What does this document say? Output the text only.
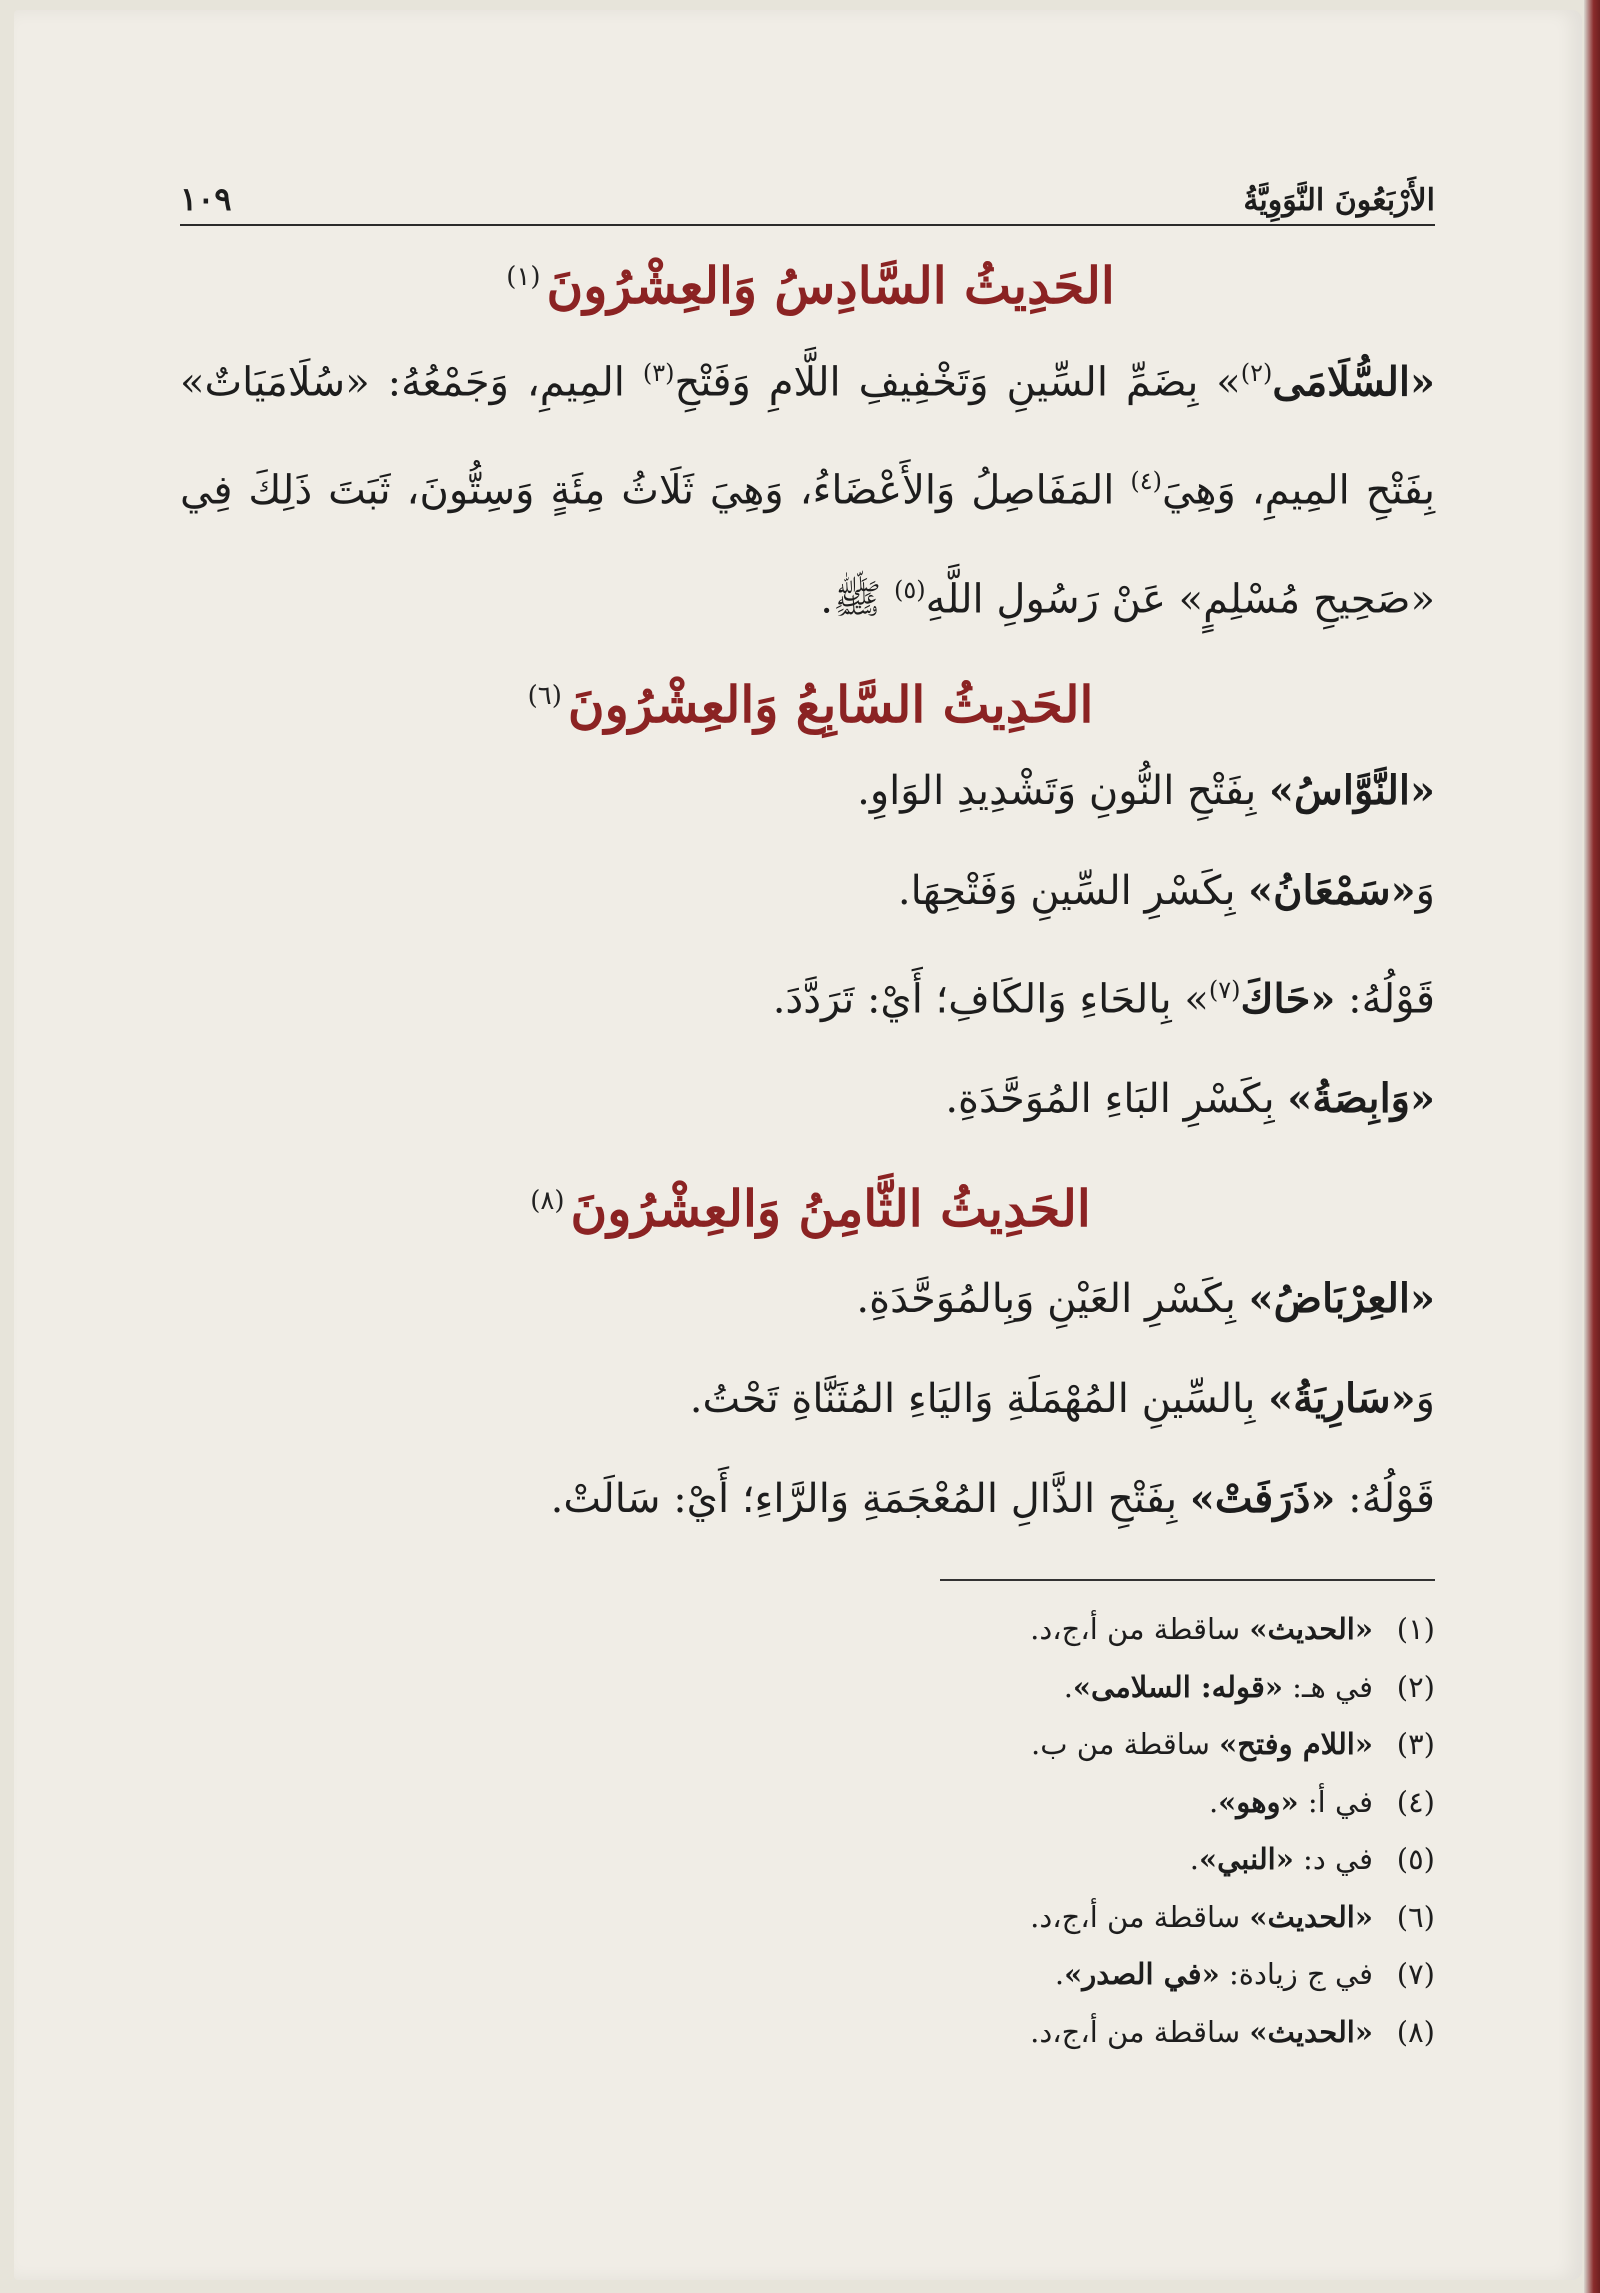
الأَرْبَعُونَ النَّوَوِيَّةُ
١٠٩
الحَدِيثُ السَّادِسُ وَالعِشْرُونَ$^{(١)}$

«السُّلَامَى$^{(٢)}$» بِضَمِّ السِّينِ وَتَخْفِيفِ اللَّامِ وَفَتْحِ$^{(٣)}$ المِيمِ، وَجَمْعُهُ: «سُلَامَيَاتٌ» بِفَتْحِ المِيمِ، وَهِيَ$^{(٤)}$ المَفَاصِلُ وَالأَعْضَاءُ، وَهِيَ ثَلَاثُ مِئَةٍ وَسِتُّونَ، ثَبَتَ ذَلِكَ فِي «صَحِيحِ مُسْلِمٍ» عَنْ رَسُولِ اللَّهِ$^{(٥)}$ ﷺ.

الحَدِيثُ السَّابِعُ وَالعِشْرُونَ$^{(٦)}$

«النَّوَّاسُ» بِفَتْحِ النُّونِ وَتَشْدِيدِ الوَاوِ.

وَ«سَمْعَانُ» بِكَسْرِ السِّينِ وَفَتْحِهَا.

قَوْلُهُ: «حَاكَ$^{(٧)}$» بِالحَاءِ وَالكَافِ؛ أَيْ: تَرَدَّدَ.

«وَابِصَةُ» بِكَسْرِ البَاءِ المُوَحَّدَةِ.

الحَدِيثُ الثَّامِنُ وَالعِشْرُونَ$^{(٨)}$

«العِرْبَاضُ» بِكَسْرِ العَيْنِ وَبِالمُوَحَّدَةِ.

وَ«سَارِيَةُ» بِالسِّينِ المُهْمَلَةِ وَاليَاءِ المُثَنَّاةِ تَحْتُ.

قَوْلُهُ: «ذَرَفَتْ» بِفَتْحِ الذَّالِ المُعْجَمَةِ وَالرَّاءِ؛ أَيْ: سَالَتْ.

(١)
«الحديث» ساقطة من أ،ج،د.
(٢)
في هـ: «قوله: السلامى».
(٣)
«اللام وفتح» ساقطة من ب.
(٤)
في أ: «وهو».
(٥)
في د: «النبي».
(٦)
«الحديث» ساقطة من أ،ج،د.
(٧)
في ج زيادة: «في الصدر».
(٨)
«الحديث» ساقطة من أ،ج،د.
